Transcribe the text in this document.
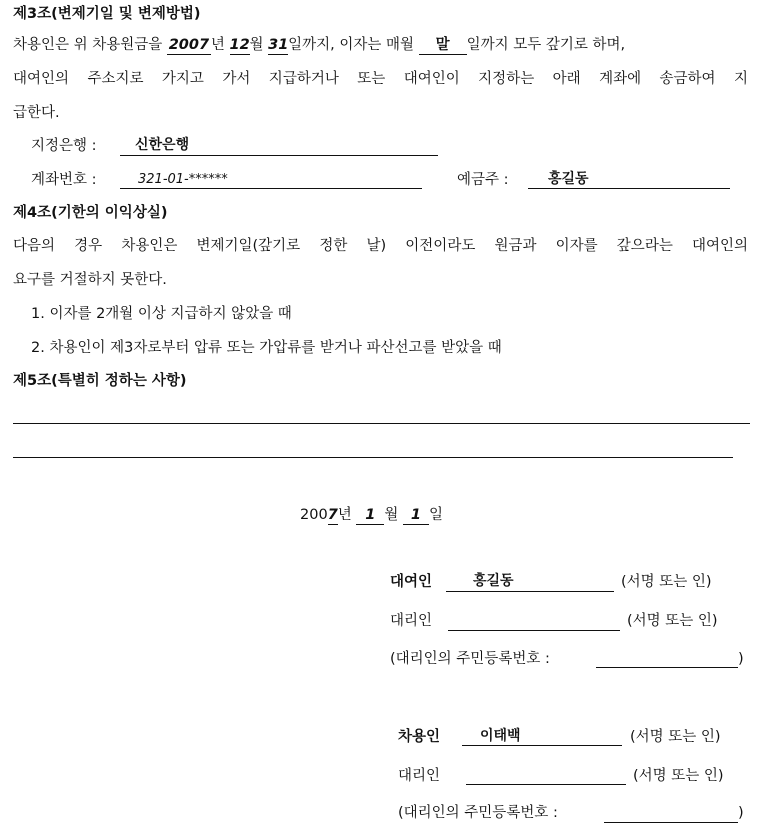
제3조(변제기일 및 변제방법)
차용인은 위 차용원금을 2007 년 12월 31일까지, 이자는 매월 말 일까지 모두 갚기로 하며,
대여인의 주소지로 가지고 가서 지급하거나 또는 대여인이 지정하는 아래 계좌에 송금하여 지
급한다.
지정은행 :	신한은행
계좌번호 :	321-01-******	예금주 :	홍길동
제4조(기한의 이익상실)
다음의 경우 차용인은 변제기일(갚기로 정한 날) 이전이라도 원금과 이자를 갚으라는 대여인의
요구를 거절하지 못한다.
1. 이자를 2개월 이상 지급하지 않았을 때
2. 차용인이 제3자로부터 압류 또는 가압류를 받거나 파산선고를 받았을 때
제5조(특별히 정하는 사항)
2007년 1 월 1 일
대여인	홍길동	(서명 또는 인)
대리인	(서명 또는 인)
(대리인의 주민등록번호 :	)
차용인	이태백	(서명 또는 인)
대리인	(서명 또는 인)
(대리인의 주민등록번호 :	)
